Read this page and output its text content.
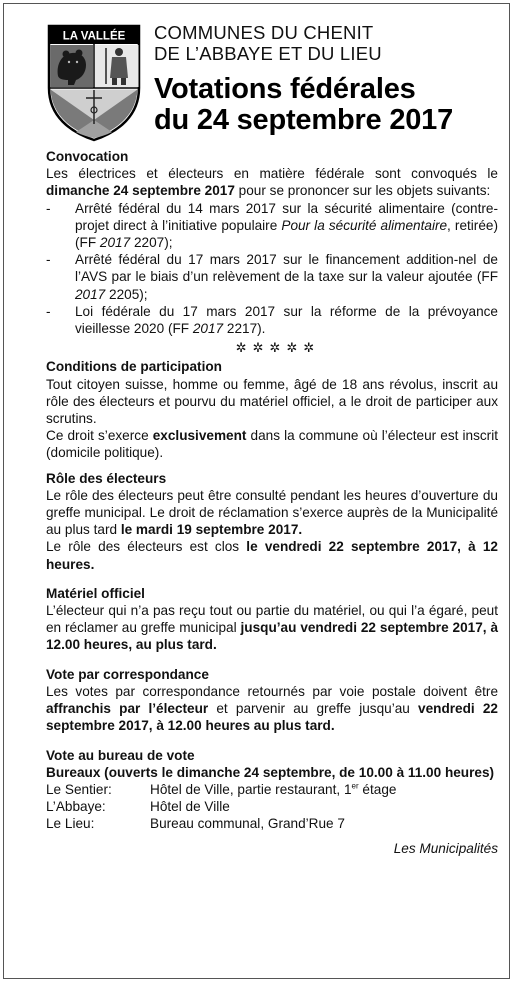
LA VALLÉE COMMUNES DU CHENIT
DE L’ABBAYE ET DU LIEU
Votations fédérales
du 24 septembre 2017

Convocation

Les électrices et électeurs en matière fédérale sont convoqués le dimanche 24 septembre 2017 pour se prononcer sur les objets suivants:

- Arrêté fédéral du 14 mars 2017 sur la sécurité alimentaire (contre-projet direct à l’initiative populaire Pour la sécurité alimentaire, retirée) (FF 2017 2207);
- Arrêté fédéral du 17 mars 2017 sur le financement addition-nel de l’AVS par le biais d’un relèvement de la taxe sur la valeur ajoutée (FF 2017 2205);
- Loi fédérale du 17 mars 2017 sur la réforme de la prévoyance vieillesse 2020 (FF 2017 2217).
✲✲✲✲✲

Conditions de participation

Tout citoyen suisse, homme ou femme, âgé de 18 ans révolus, inscrit au rôle des électeurs et pourvu du matériel officiel, a le droit de participer aux scrutins.

Ce droit s’exerce exclusivement dans la commune où l’électeur est inscrit (domicile politique).

Rôle des électeurs

Le rôle des électeurs peut être consulté pendant les heures d’ouverture du greffe municipal. Le droit de réclamation s’exerce auprès de la Municipalité au plus tard le mardi 19 septembre 2017.

Le rôle des électeurs est clos le vendredi 22 septembre 2017, à 12 heures.

Matériel officiel

L’électeur qui n’a pas reçu tout ou partie du matériel, ou qui l’a égaré, peut en réclamer au greffe municipal jusqu’au vendredi 22 septembre 2017, à 12.00 heures, au plus tard.

Vote par correspondance

Les votes par correspondance retournés par voie postale doivent être affranchis par l’électeur et parvenir au greffe jusqu’au vendredi 22 septembre 2017, à 12.00 heures au plus tard.

Vote au bureau de vote

Bureaux (ouverts le dimanche 24 septembre, de 10.00 à 11.00 heures)

Le Sentier:	Hôtel de Ville, partie restaurant, 1er étage
L’Abbaye:	Hôtel de Ville
Le Lieu:	Bureau communal, Grand’Rue 7

Les Municipalités
